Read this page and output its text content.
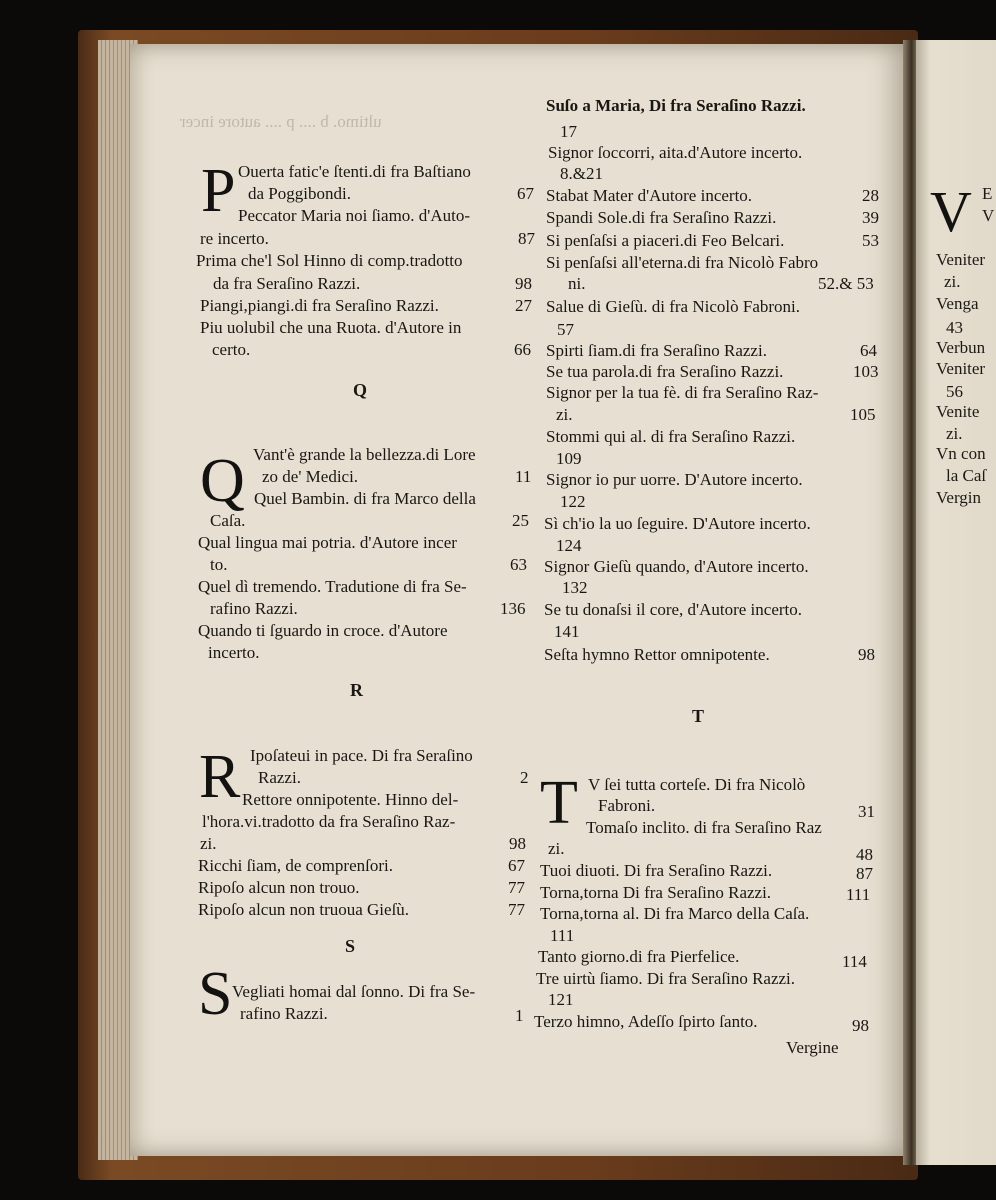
ultimo. b .... p .... autore incer
P Ouerta fatic'e ſtenti.di fra Baſtiano
da Poggibondi.	67
Peccator Maria noi ſiamo. d'Auto-
re incerto.	87
Prima che'l Sol Hinno di comp.tradotto
da fra Seraſino Razzi.	98
Piangi,piangi.di fra Seraſino Razzi.	27
Piu uolubil che una Ruota. d'Autore in
certo.	66
Q
Q Vant'è grande la bellezza.di Lore
zo de' Medici.	11
Quel Bambin. di fra Marco della
Caſa.	25
Qual lingua mai potria. d'Autore incer
to.	63
Quel dì tremendo. Tradutione di fra Se-
rafino Razzi.	136
Quando ti ſguardo in croce. d'Autore
incerto.
R
R Ipoſateui in pace. Di fra Seraſino
Razzi.	2
Rettore onnipotente. Hinno del-
l'hora.vi.tradotto da fra Seraſino Raz-
zi.	98
Ricchi ſiam, de comprenſori.	67
Ripoſo alcun non trouo.	77
Ripoſo alcun non truoua Gieſù.	77
S
S Vegliati homai dal ſonno. Di fra Se-
rafino Razzi.	1
Suſo a Maria, Di fra Seraſino Razzi.
17
Signor ſoccorri, aita.d'Autore incerto.
8.&21
Stabat Mater d'Autore incerto.	28
Spandi Sole.di fra Seraſino Razzi.	39
Si penſaſsi a piaceri.di Feo Belcari.	53
Si penſaſsi all'eterna.di fra Nicolò Fabro
ni.	52.& 53
Salue di Gieſù. di fra Nicolò Fabroni.
57
Spirti ſiam.di fra Seraſino Razzi.	64
Se tua parola.di fra Seraſino Razzi.	103
Signor per la tua fè. di fra Seraſino Raz-
zi.	105
Stommi qui al. di fra Seraſino Razzi.
109
Signor io pur uorre. D'Autore incerto.
122
Sì ch'io la uo ſeguire. D'Autore incerto.
124
Signor Gieſù quando, d'Autore incerto.
132
Se tu donaſsi il core, d'Autore incerto.
141
Seſta hymno Rettor omnipotente.	98
T
T V ſei tutta corteſe. Di fra Nicolò
Fabroni.	31
Tomaſo inclito. di fra Seraſino Raz
zi.	48
Tuoi diuoti. Di fra Seraſino Razzi.	87
Torna,torna Di fra Seraſino Razzi.	111
Torna,torna al. Di fra Marco della Caſa.
111
Tanto giorno.di fra Pierfelice.	114
Tre uirtù ſiamo. Di fra Seraſino Razzi.
121
Terzo himno, Adeſſo ſpirto ſanto.	98
Vergine
V E
V
Veniter
zi.
Venga
43
Verbun
Veniter
56
Venite
zi.
Vn con
la Caſ
Vergin
